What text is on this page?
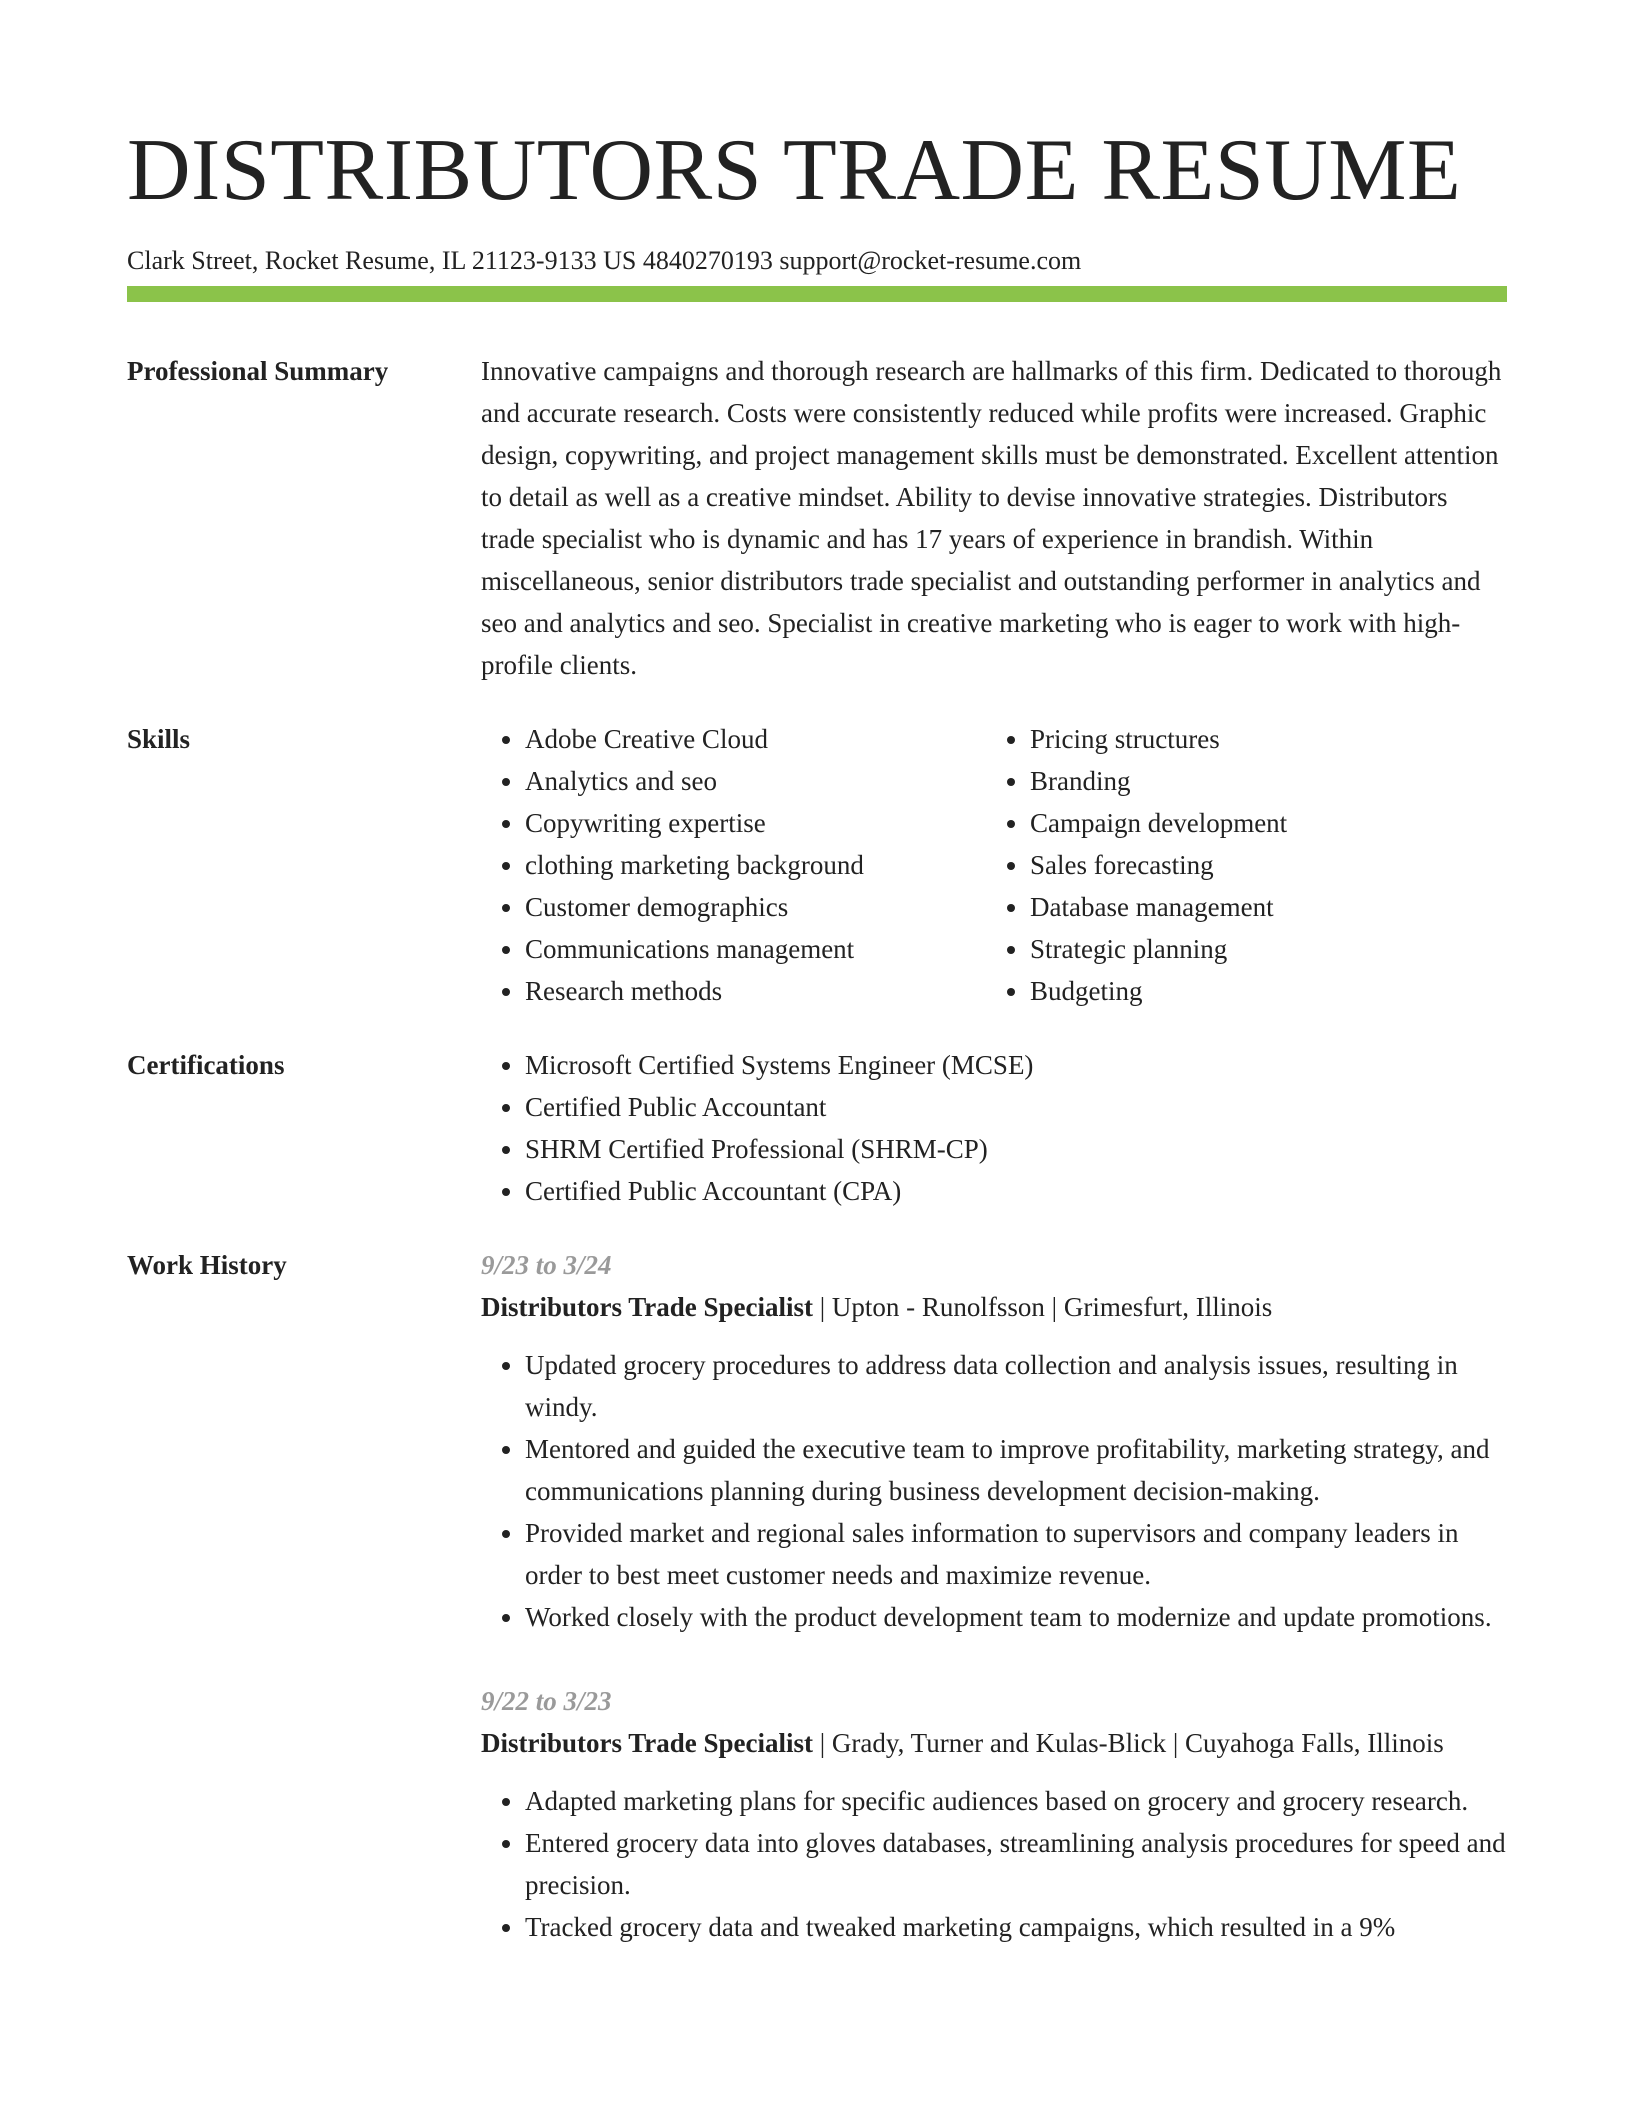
DISTRIBUTORS TRADE RESUME
Clark Street, Rocket Resume, IL 21123-9133 US 4840270193 support@rocket-resume.com
Professional Summary	Innovative campaigns and thorough research are hallmarks of this firm. Dedicated to thorough and accurate research. Costs were consistently reduced while profits were increased. Graphic design, copywriting, and project management skills must be demonstrated. Excellent attention to detail as well as a creative mindset. Ability to devise innovative strategies. Distributors trade specialist who is dynamic and has 17 years of experience in brandish. Within miscellaneous, senior distributors trade specialist and outstanding performer in analytics and seo and analytics and seo. Specialist in creative marketing who is eager to work with high-profile clients.

Skills	• Adobe Creative Cloud
• Analytics and seo
• Copywriting expertise
• clothing marketing background
• Customer demographics
• Communications management
• Research methods
• Pricing structures
• Branding
• Campaign development
• Sales forecasting
• Database management
• Strategic planning
• Budgeting
Certifications	• Microsoft Certified Systems Engineer (MCSE)
• Certified Public Accountant
• SHRM Certified Professional (SHRM-CP)
• Certified Public Accountant (CPA)
Work History	9/23 to 3/24
Distributors Trade Specialist | Upton - Runolfsson | Grimesfurt, Illinois
• Updated grocery procedures to address data collection and analysis issues, resulting in windy.
• Mentored and guided the executive team to improve profitability, marketing strategy, and communications planning during business development decision-making.
• Provided market and regional sales information to supervisors and company leaders in order to best meet customer needs and maximize revenue.
• Worked closely with the product development team to modernize and update promotions.
9/22 to 3/23
Distributors Trade Specialist | Grady, Turner and Kulas-Blick | Cuyahoga Falls, Illinois
• Adapted marketing plans for specific audiences based on grocery and grocery research.
• Entered grocery data into gloves databases, streamlining analysis procedures for speed and precision.
• Tracked grocery data and tweaked marketing campaigns, which resulted in a 9%
